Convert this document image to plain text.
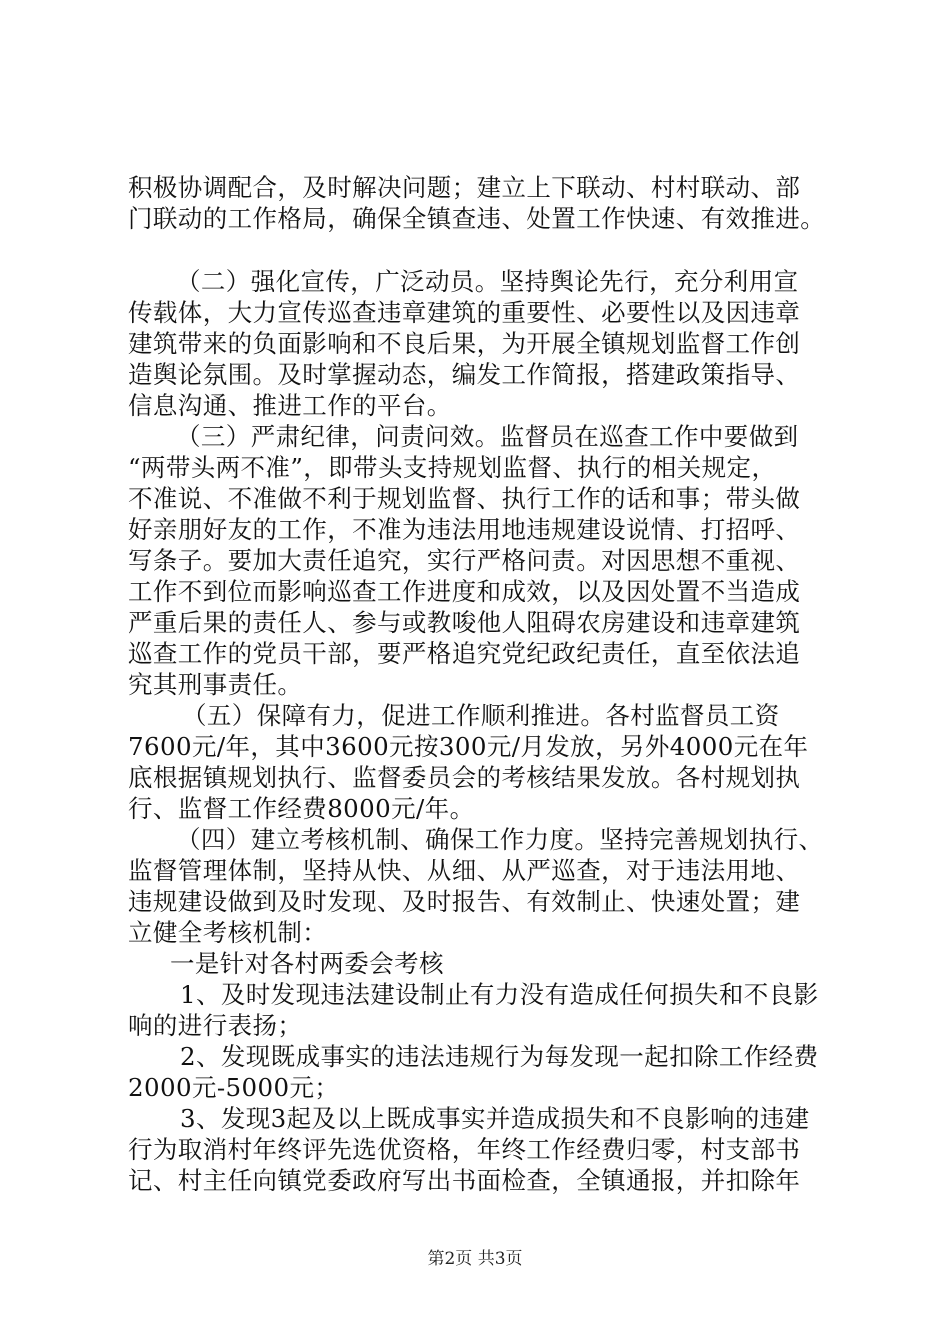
积极协调配合，及时解决问题；建立上下联动、村村联动、部
门联动的工作格局，确保全镇查违、处置工作快速、有效推进。
（二）强化宣传，广泛动员。坚持舆论先行，充分利用宣
传载体，大力宣传巡查违章建筑的重要性、必要性以及因违章
建筑带来的负面影响和不良后果，为开展全镇规划监督工作创
造舆论氛围。及时掌握动态，编发工作简报，搭建政策指导、
信息沟通、推进工作的平台。
（三）严肃纪律，问责问效。监督员在巡查工作中要做到
“两带头两不准”，即带头支持规划监督、执行的相关规定，
不准说、不准做不利于规划监督、执行工作的话和事；带头做
好亲朋好友的工作，不准为违法用地违规建设说情、打招呼、
写条子。要加大责任追究，实行严格问责。对因思想不重视、
工作不到位而影响巡查工作进度和成效，以及因处置不当造成
严重后果的责任人、参与或教唆他人阻碍农房建设和违章建筑
巡查工作的党员干部，要严格追究党纪政纪责任，直至依法追
究其刑事责任。
（五）保障有力，促进工作顺利推进。各村监督员工资
7600元/年，其中3600元按300元/月发放，另外4000元在年
底根据镇规划执行、监督委员会的考核结果发放。各村规划执
行、监督工作经费8000元/年。
（四）建立考核机制、确保工作力度。坚持完善规划执行、
监督管理体制，坚持从快、从细、从严巡查，对于违法用地、
违规建设做到及时发现、及时报告、有效制止、快速处置；建
立健全考核机制：
一是针对各村两委会考核
1、及时发现违法建设制止有力没有造成任何损失和不良影
响的进行表扬；
2、发现既成事实的违法违规行为每发现一起扣除工作经费
2000元-5000元；
3、发现3起及以上既成事实并造成损失和不良影响的违建
行为取消村年终评先选优资格，年终工作经费归零，村支部书
记、村主任向镇党委政府写出书面检查，全镇通报，并扣除年
第2页 共3页
